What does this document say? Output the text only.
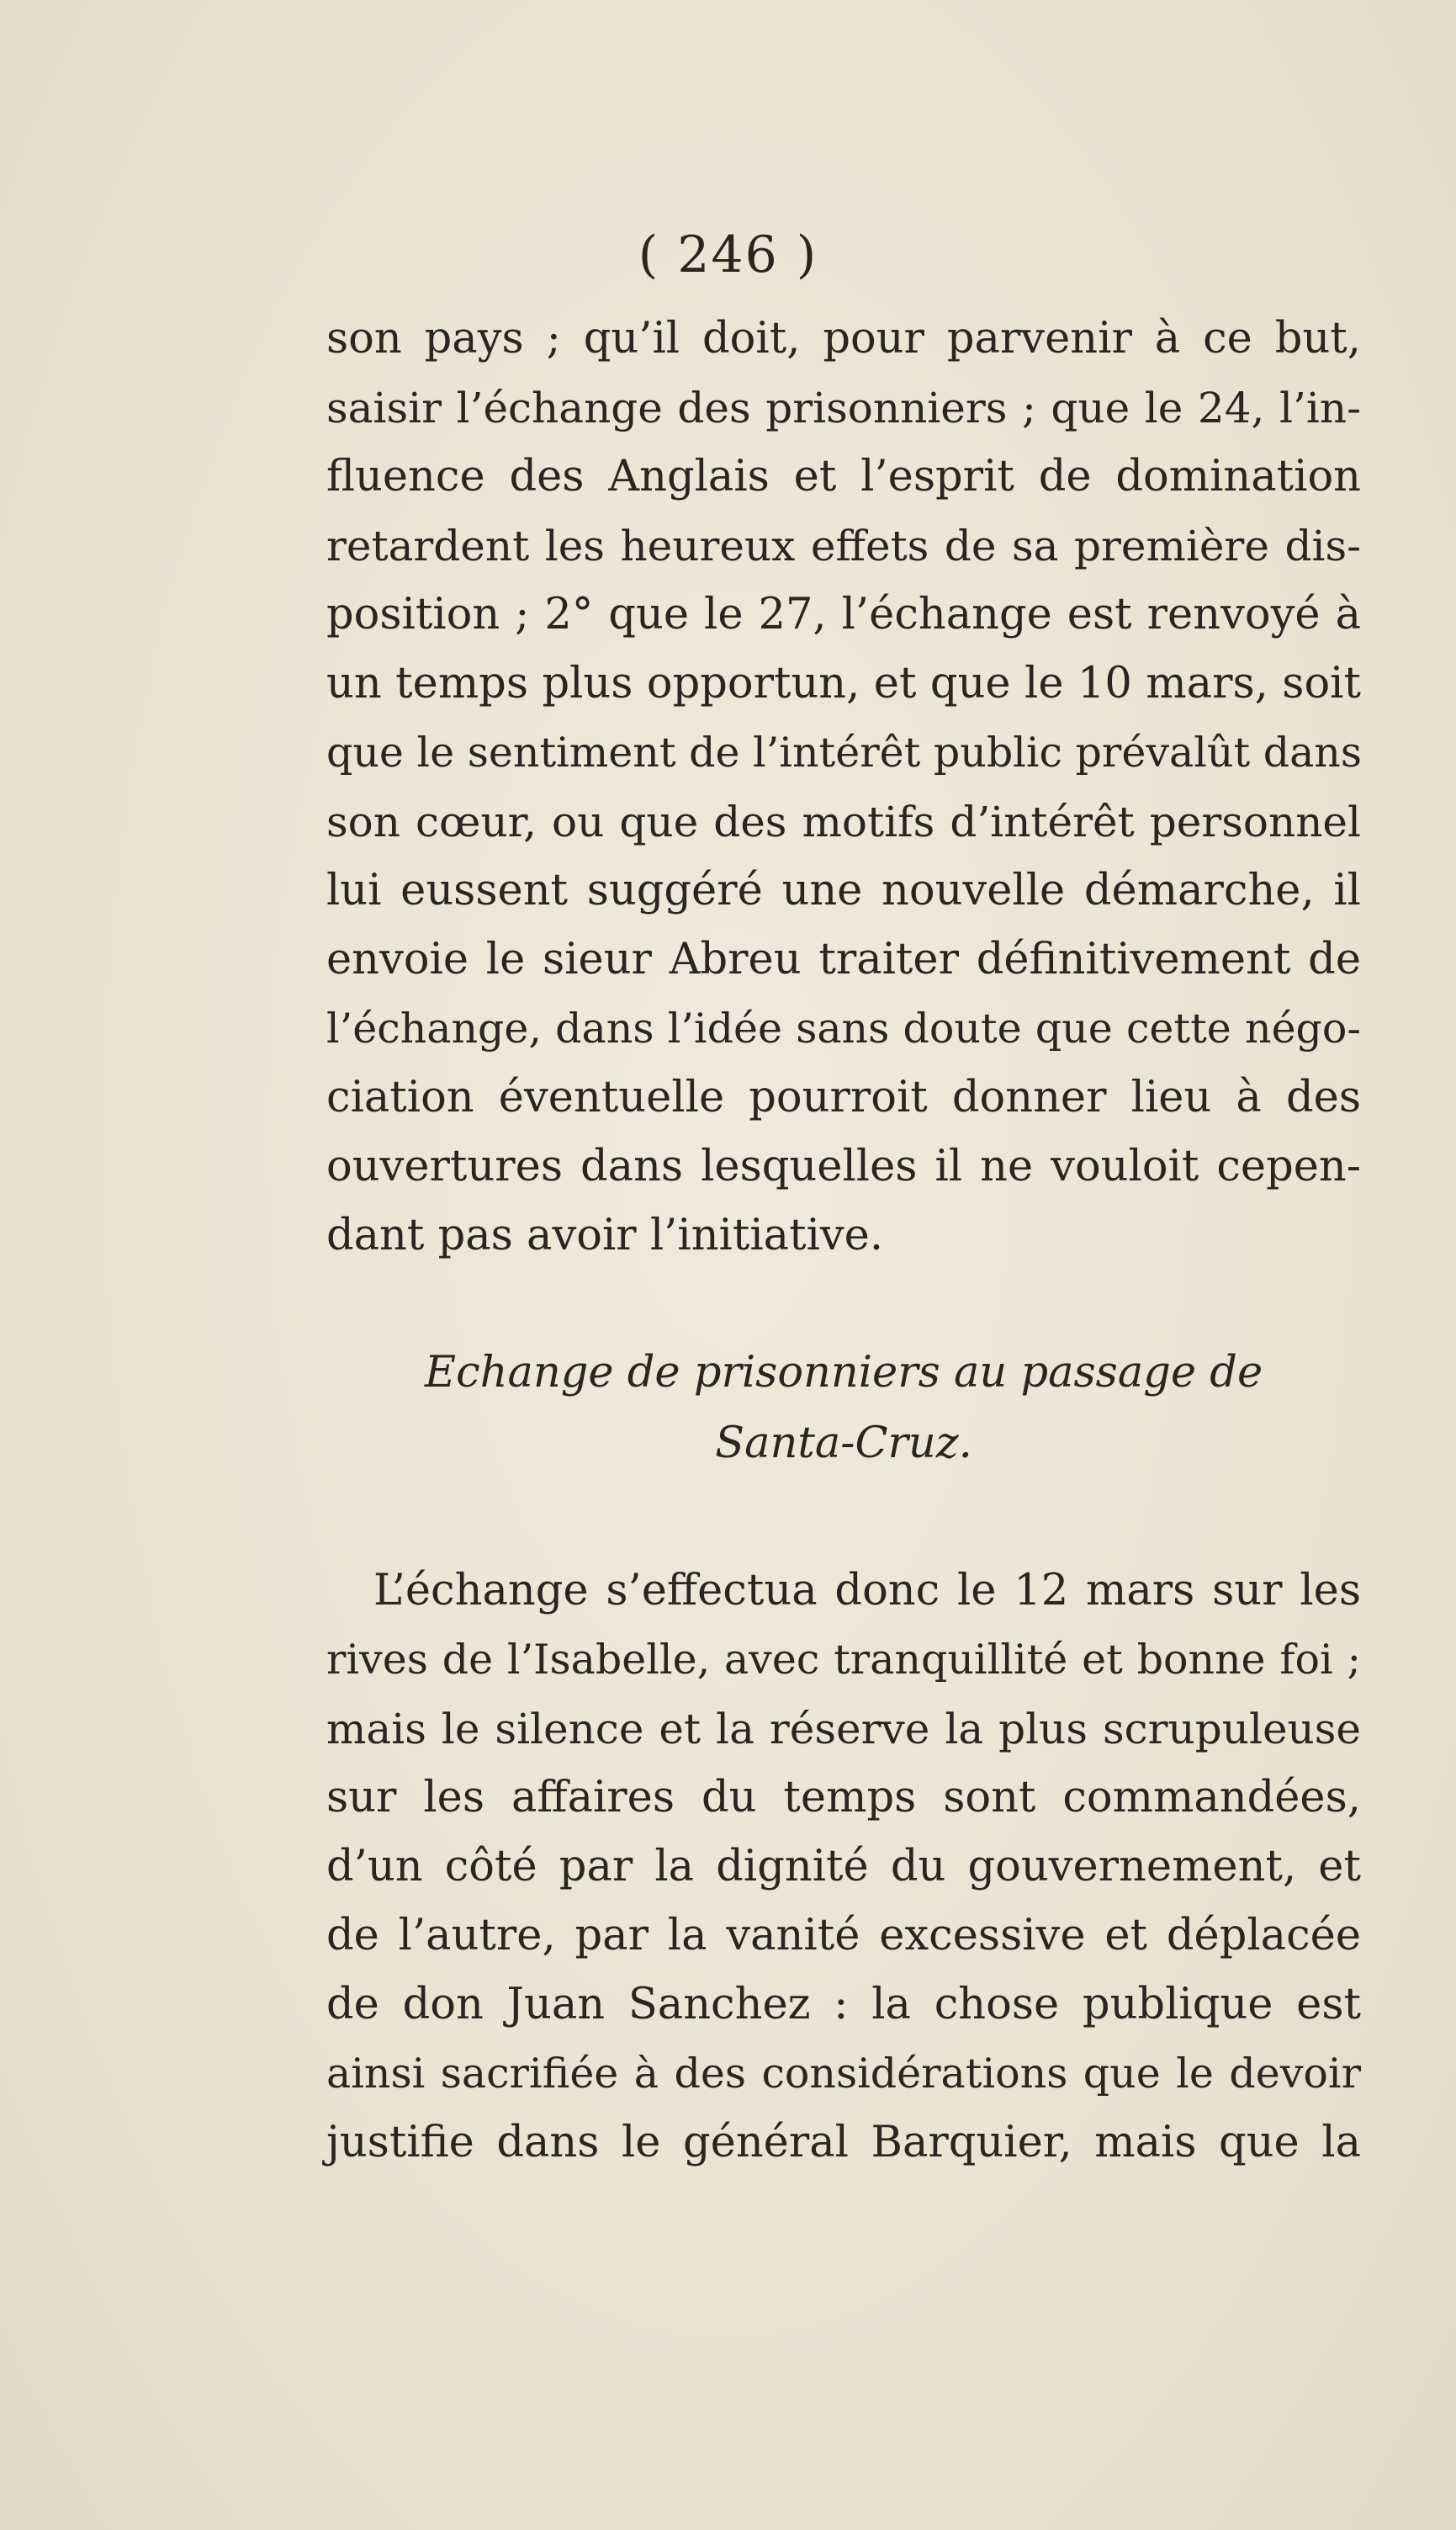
( 246 )
son pays ; qu’il doit, pour parvenir à ce but,
saisir l’échange des prisonniers ; que le 24, l’in-
fluence des Anglais et l’esprit de domination
retardent les heureux effets de sa première dis-
position ; 2° que le 27, l’échange est renvoyé à
un temps plus opportun, et que le 10 mars, soit
que le sentiment de l’intérêt public prévalût dans
son cœur, ou que des motifs d’intérêt personnel
lui eussent suggéré une nouvelle démarche, il
envoie le sieur Abreu traiter définitivement de
l’échange, dans l’idée sans doute que cette négo-
ciation éventuelle pourroit donner lieu à des
ouvertures dans lesquelles il ne vouloit cepen-
dant pas avoir l’initiative.
Echange de prisonniers au passage de
Santa-Cruz.
L’échange s’effectua donc le 12 mars sur les
rives de l’Isabelle, avec tranquillité et bonne foi ;
mais le silence et la réserve la plus scrupuleuse
sur les affaires du temps sont commandées,
d’un côté par la dignité du gouvernement, et
de l’autre, par la vanité excessive et déplacée
de don Juan Sanchez : la chose publique est
ainsi sacrifiée à des considérations que le devoir
justifie dans le général Barquier, mais que la
